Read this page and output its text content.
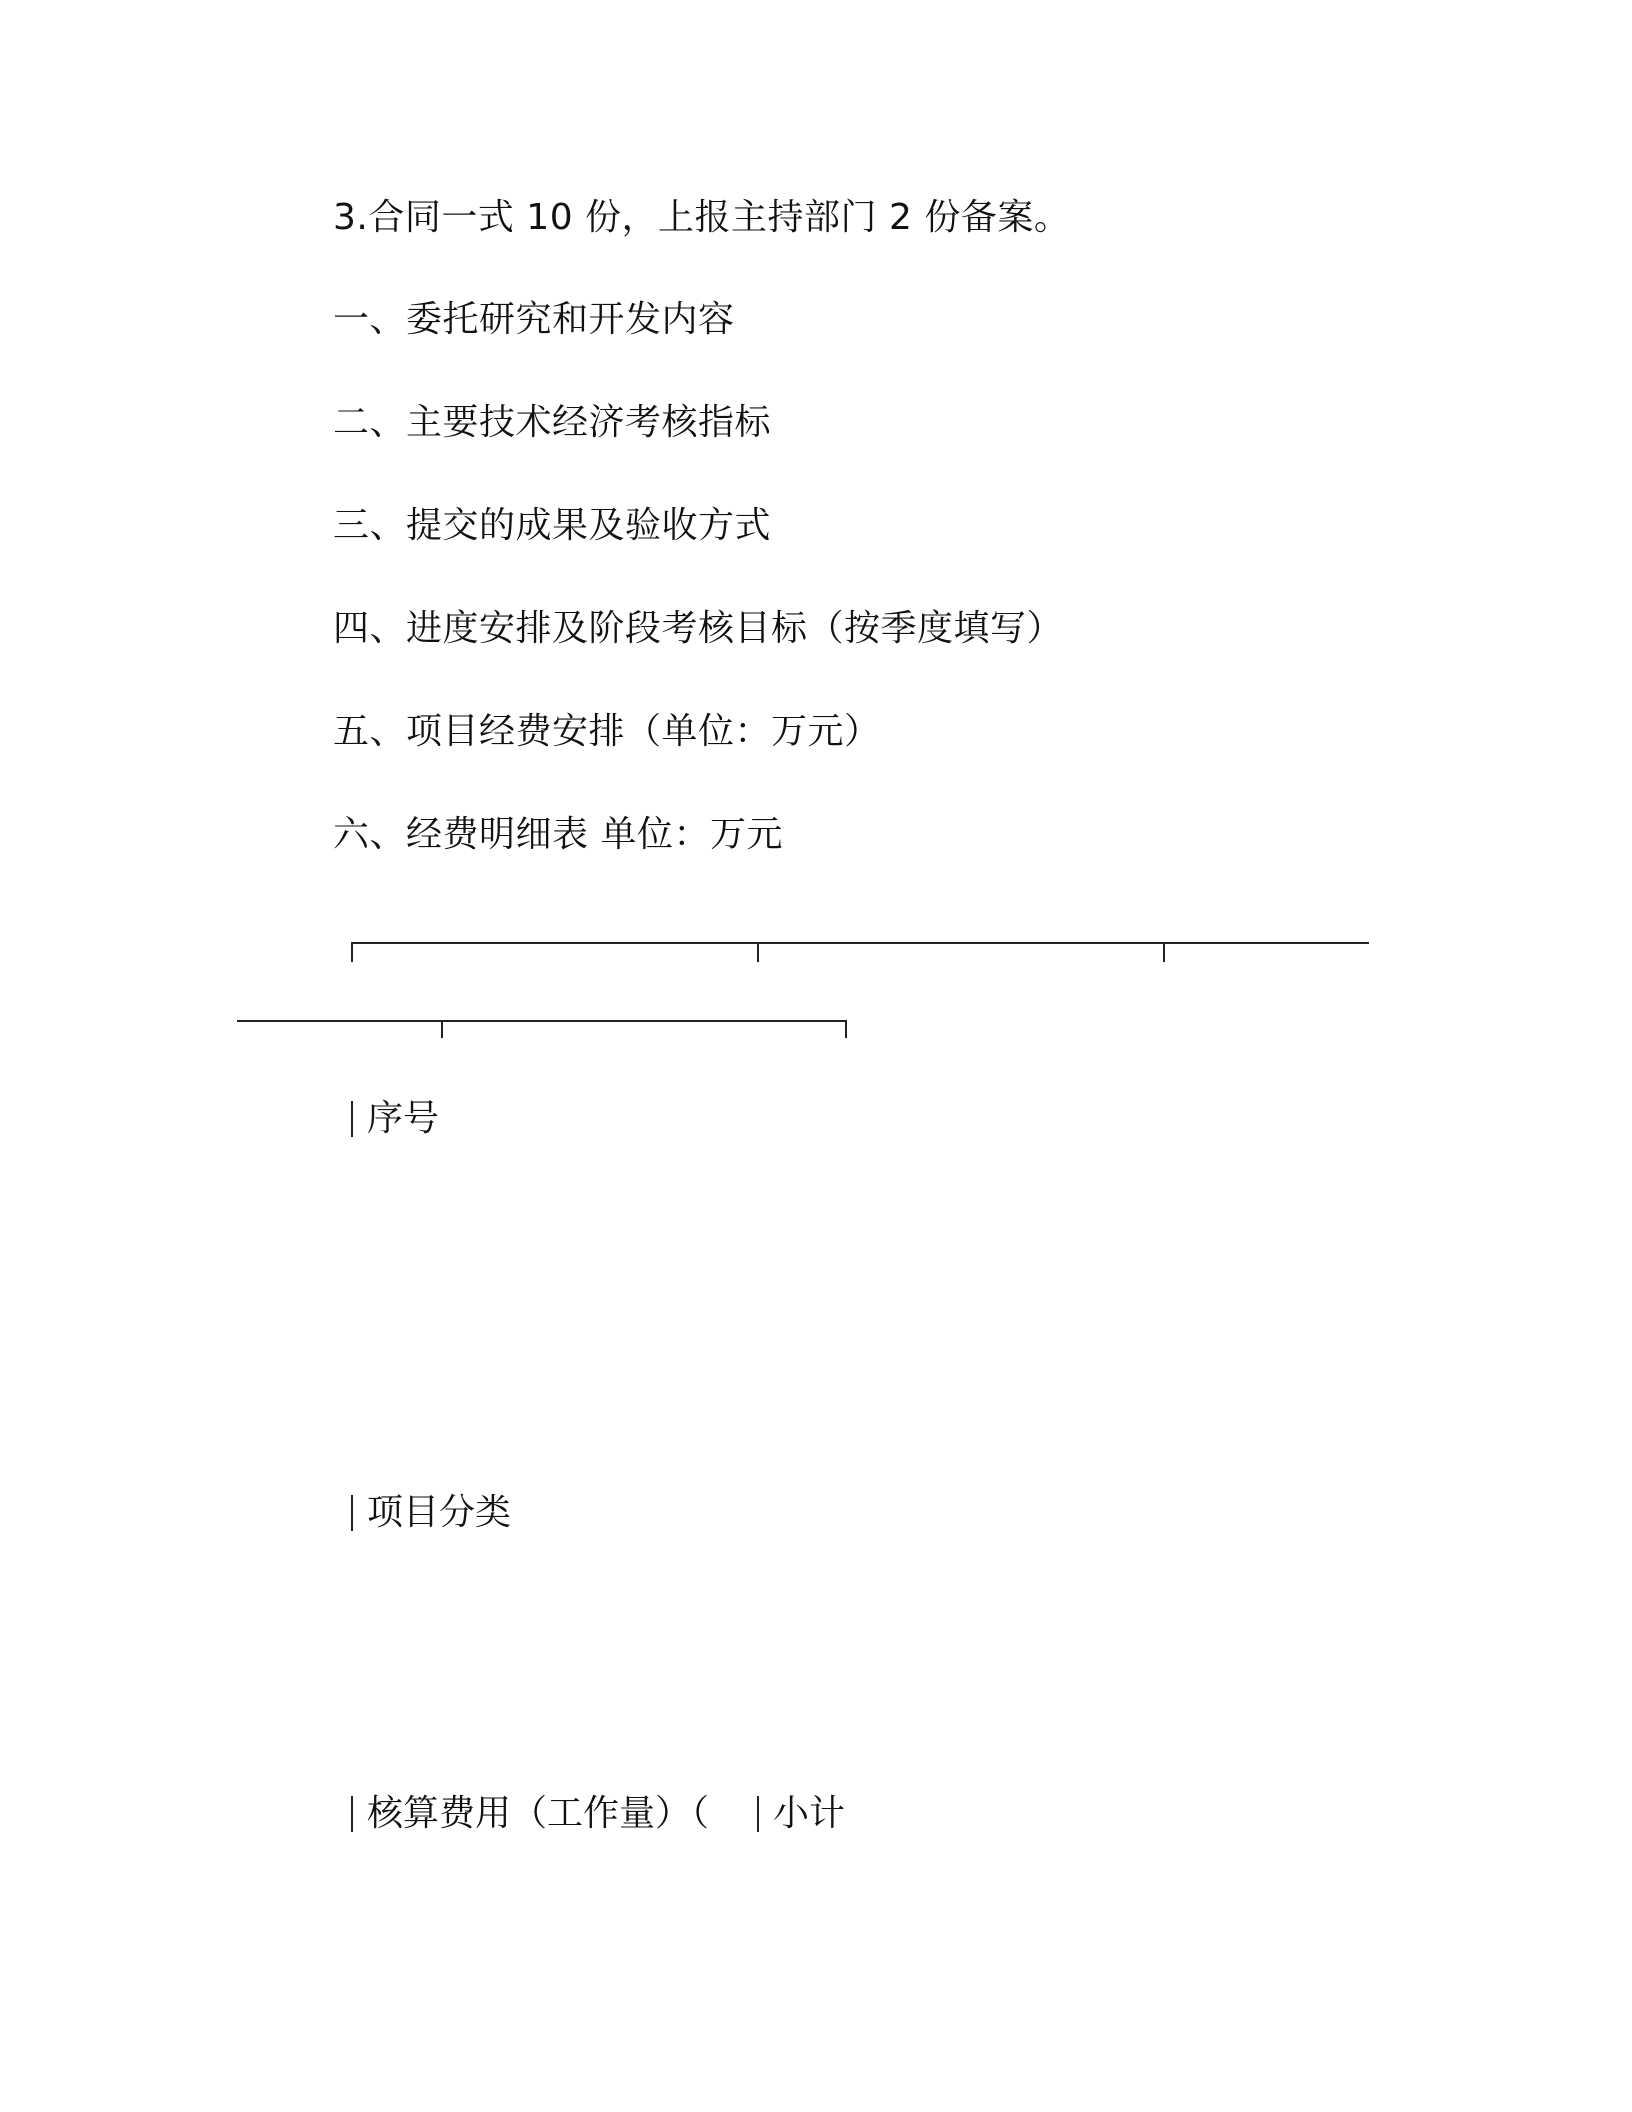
3.合同一式 10 份，上报主持部门 2 份备案。
一、委托研究和开发内容
二、主要技术经济考核指标
三、提交的成果及验收方式
四、进度安排及阶段考核目标（按季度填写）
五、项目经费安排（单位：万元）
六、经费明细表 单位：万元
序号
项目分类
核算费用（工作量）（ 小计
